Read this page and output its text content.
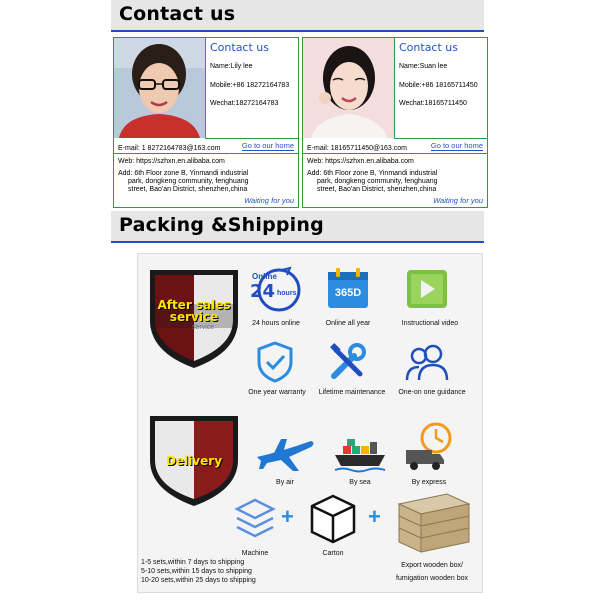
Contact us
Contact us
Name:Lily lee
Mobile:+86 18272164783
Wechat:18272164783
E-mail: 1 8272164783@163.com	Go to our home
Web: https://szhxn.en.alibaba.com
Add: 6th Floor zone B, Yinmandi industrial
park, dongkeng community, fenghuang
street, Bao'an District, shenzhen,china
Waiting for you
Contact us
Name:Suan lee
Mobile:+86 18165711450
Wechat:18165711450
E-mail: 18165711450@163.com	Go to our home
Web: https://szhxn.en.alibaba.com
Add: 6th Floor zone B, Yinmandi industrial
park, dongkeng community, fenghuang
street, Bao'an District, shenzhen,china
Waiting for you
Packing &Shipping
After sales service
service
Online
24 hours
24 hours online
365D
Online all year	Instructional video
One year warranty	Lifetime maintenance	One-on one guidance
Delivery
By air	By sea	By express
Machine
+
Carton
+
Export wooden box/
fumigation wooden box
1-5 sets,within 7 days to shipping
5-10 sets,within 15 days to shipping
10-20 sets,within 25 days to shipping
